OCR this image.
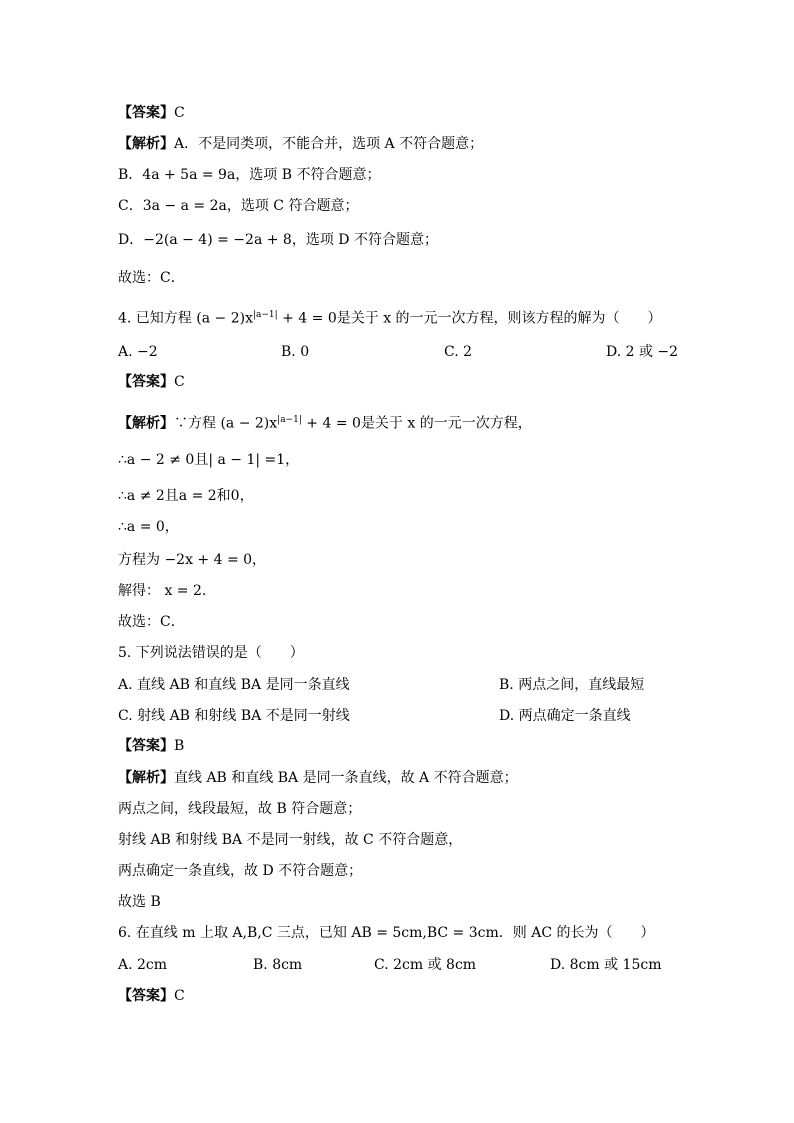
【答案】C
【解析】A．不是同类项，不能合并，选项 A 不符合题意；
B．4a + 5a = 9a，选项 B 不符合题意；
C．3a − a = 2a，选项 C 符合题意；
D．−2(a − 4) = −2a + 8，选项 D 不符合题意；
故选：C．
4. 已知方程 $(a - 2)x^{|a-1|} + 4 = 0$是关于 x 的一元一次方程，则该方程的解为（　　）
A. −2	B. 0	C. 2	D. 2 或 −2
【答案】C
【解析】∵方程 $(a - 2)x^{|a-1|} + 4 = 0$是关于 x 的一元一次方程，
∴a − 2 ≠ 0且| a − 1| =1，
∴a ≠ 2且a = 2和0，
∴a = 0，
方程为 −2x + 4 = 0，
解得： x = 2．
故选：C．
5. 下列说法错误的是（　　）
A. 直线 AB 和直线 BA 是同一条直线	B. 两点之间，直线最短
C. 射线 AB 和射线 BA 不是同一射线	D. 两点确定一条直线
【答案】B
【解析】直线 AB 和直线 BA 是同一条直线，故 A 不符合题意；
两点之间，线段最短，故 B 符合题意；
射线 AB 和射线 BA 不是同一射线，故 C 不符合题意，
两点确定一条直线，故 D 不符合题意；
故选 B
6. 在直线 m 上取 A,B,C 三点，已知 AB = 5cm,BC = 3cm．则 AC 的长为（　　）
A. 2cm	B. 8cm	C. 2cm 或 8cm	D. 8cm 或 15cm
【答案】C
